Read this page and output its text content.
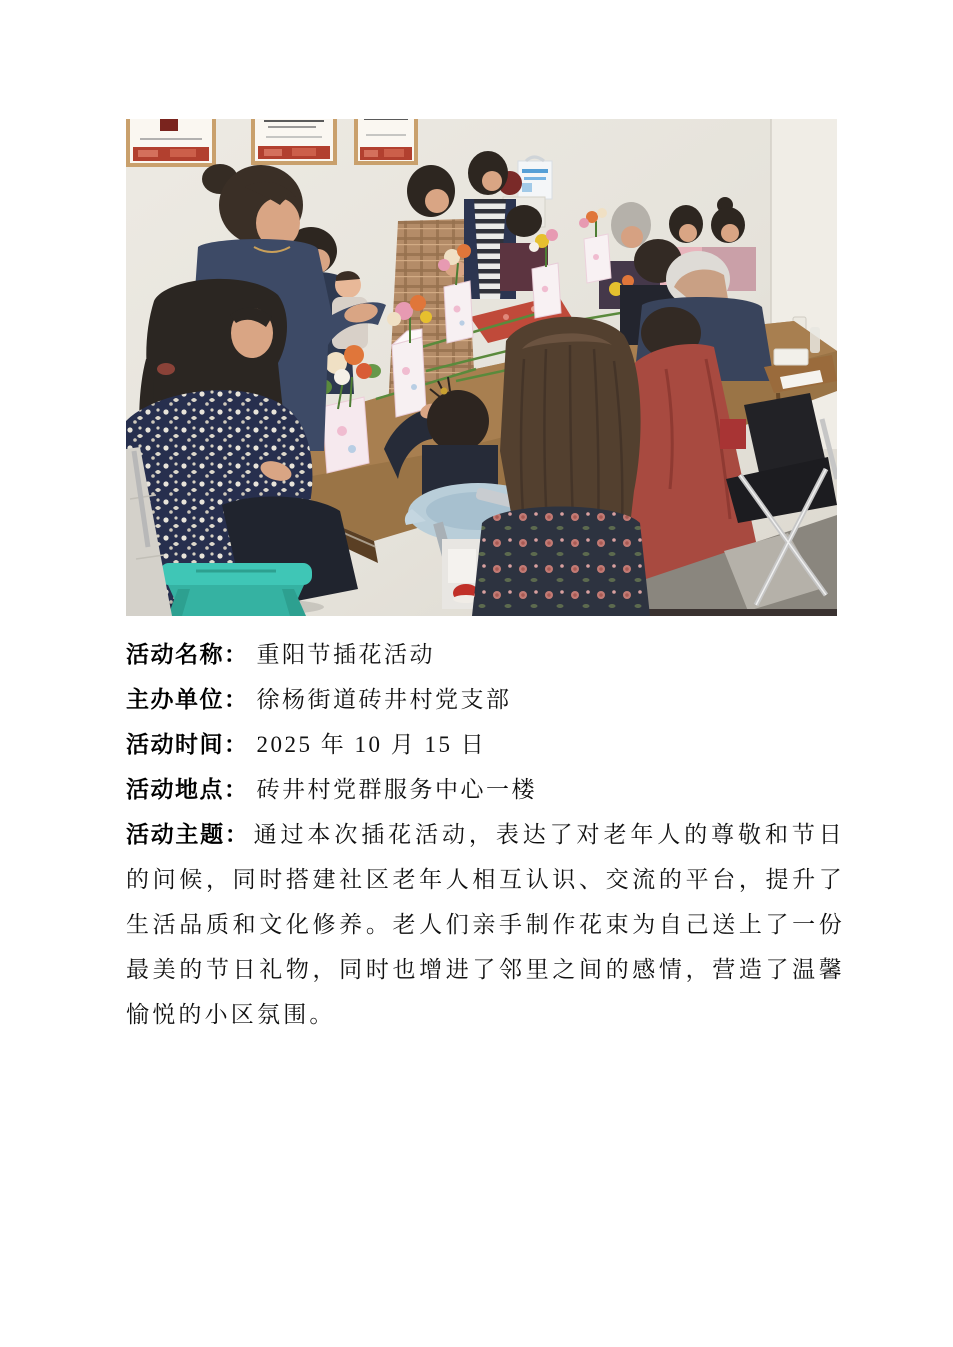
活动名称： 重阳节插花活动
主办单位： 徐杨街道砖井村党支部
活动时间： 2025 年 10 月 15 日
活动地点： 砖井村党群服务中心一楼

活动主题： 通过本次插花活动，表达了对老年人的尊敬和节日的问候，同时搭建社区老年人相互认识、交流的平台，提升了生活品质和文化修养。老人们亲手制作花束为自己送上了一份最美的节日礼物，同时也增进了邻里之间的感情，营造了温馨愉悦的小区氛围。
